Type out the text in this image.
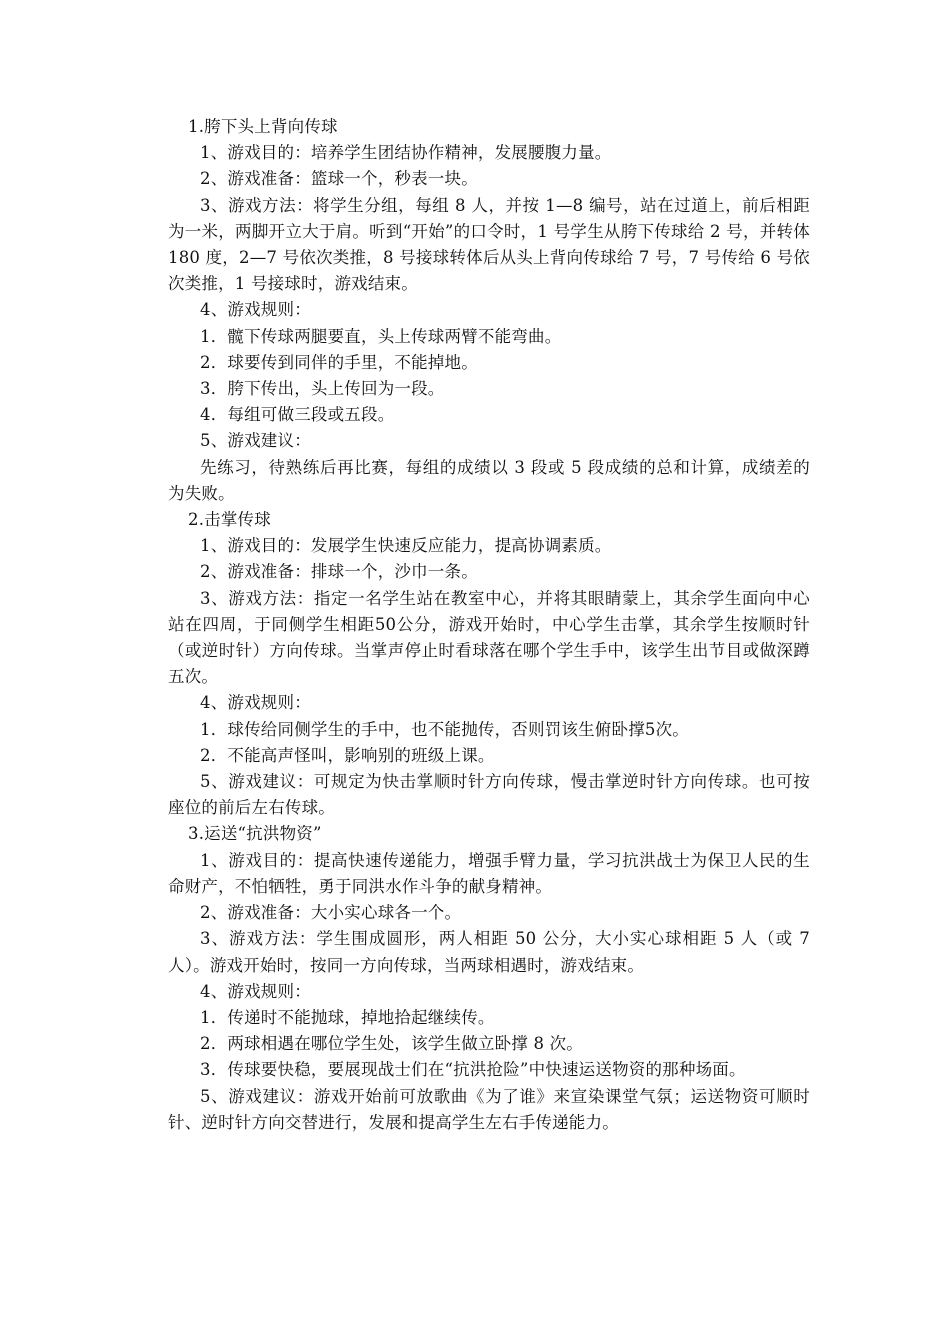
1.胯下头上背向传球

1、游戏目的：培养学生团结协作精神，发展腰腹力量。

2、游戏准备：篮球一个，秒表一块。

3、游戏方法：将学生分组，每组 8 人，并按 1—8 编号，站在过道上，前后相距为一米，两脚开立大于肩。听到“开始”的口令时，1 号学生从胯下传球给 2 号，并转体 180 度，2—7 号依次类推，8 号接球转体后从头上背向传球给 7 号，7 号传给 6 号依次类推，1 号接球时，游戏结束。

4、游戏规则：

1．髋下传球两腿要直，头上传球两臂不能弯曲。

2．球要传到同伴的手里，不能掉地。

3．胯下传出，头上传回为一段。

4．每组可做三段或五段。

5、游戏建议：

先练习，待熟练后再比赛，每组的成绩以 3 段或 5 段成绩的总和计算，成绩差的为失败。

2.击掌传球

1、游戏目的：发展学生快速反应能力，提高协调素质。

2、游戏准备：排球一个，沙巾一条。

3、游戏方法：指定一名学生站在教室中心，并将其眼睛蒙上，其余学生面向中心站在四周，于同侧学生相距50公分，游戏开始时，中心学生击掌，其余学生按顺时针（或逆时针）方向传球。当掌声停止时看球落在哪个学生手中，该学生出节目或做深蹲五次。

4、游戏规则：

1．球传给同侧学生的手中，也不能抛传，否则罚该生俯卧撑5次。

2．不能高声怪叫，影响别的班级上课。

5、游戏建议：可规定为快击掌顺时针方向传球，慢击掌逆时针方向传球。也可按座位的前后左右传球。

3.运送“抗洪物资”

1、游戏目的：提高快速传递能力，增强手臂力量，学习抗洪战士为保卫人民的生命财产，不怕牺牲，勇于同洪水作斗争的献身精神。

2、游戏准备：大小实心球各一个。

3、游戏方法：学生围成圆形，两人相距 50 公分，大小实心球相距 5 人（或 7 人）。游戏开始时，按同一方向传球，当两球相遇时，游戏结束。

4、游戏规则：

1．传递时不能抛球，掉地拾起继续传。

2．两球相遇在哪位学生处，该学生做立卧撑 8 次。

3．传球要快稳，要展现战士们在“抗洪抢险”中快速运送物资的那种场面。

5、游戏建议：游戏开始前可放歌曲《为了谁》来宣染课堂气氛；运送物资可顺时针、逆时针方向交替进行，发展和提高学生左右手传递能力。
